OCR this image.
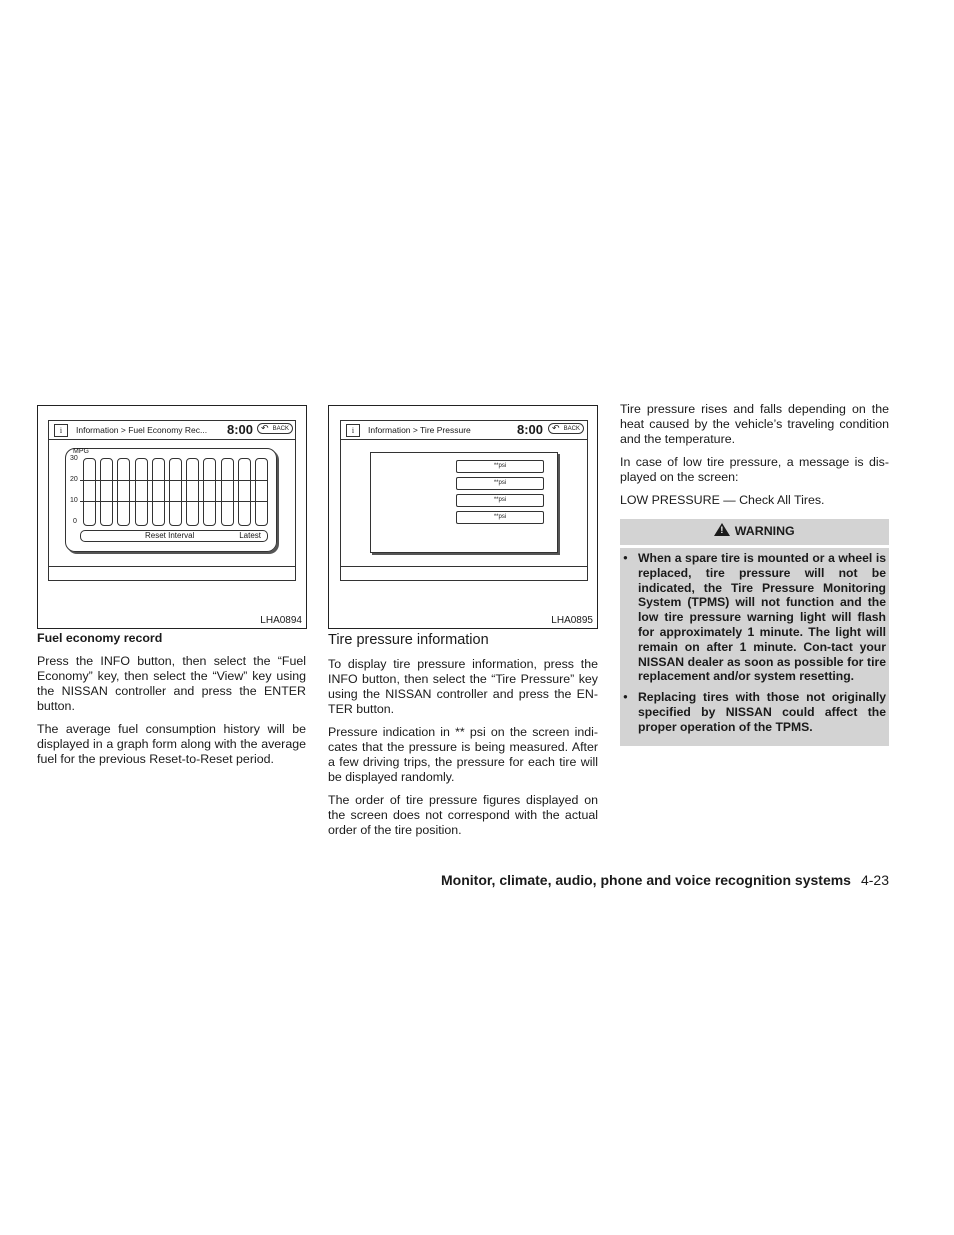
i	Information > Fuel Economy Rec... 8:00	↶ BACK
MPG
30
20
10
0
Reset Interval	Latest
LHA0894
i	Information > Tire Pressure	8:00	↶ BACK
**psi
**psi
**psi
**psi
LHA0895
Fuel economy record

Press the INFO button, then select the “Fuel Economy” key, then select the “View” key using the NISSAN controller and press the ENTER button.

The average fuel consumption history will be displayed in a graph form along with the average fuel for the previous Reset-to-Reset period.

Tire pressure information

To display tire pressure information, press the INFO button, then select the “Tire Pressure” key using the NISSAN controller and press the EN-TER button.

Pressure indication in ** psi on the screen indi-cates that the pressure is being measured. After a few driving trips, the pressure for each tire will be displayed randomly.

The order of tire pressure figures displayed on the screen does not correspond with the actual order of the tire position.

Tire pressure rises and falls depending on the heat caused by the vehicle’s traveling condition and the temperature.

In case of low tire pressure, a message is dis-played on the screen:

LOW PRESSURE — Check All Tires.

! WARNING
● When a spare tire is mounted or a wheel is replaced, tire pressure will not be indicated, the Tire Pressure Monitoring System (TPMS) will not function and the low tire pressure warning light will flash for approximately 1 minute. The light will remain on after 1 minute. Con-tact your NISSAN dealer as soon as possible for tire replacement and/or system resetting.
● Replacing tires with those not originally specified by NISSAN could affect the proper operation of the TPMS.
Monitor, climate, audio, phone and voice recognition systems 4-23
